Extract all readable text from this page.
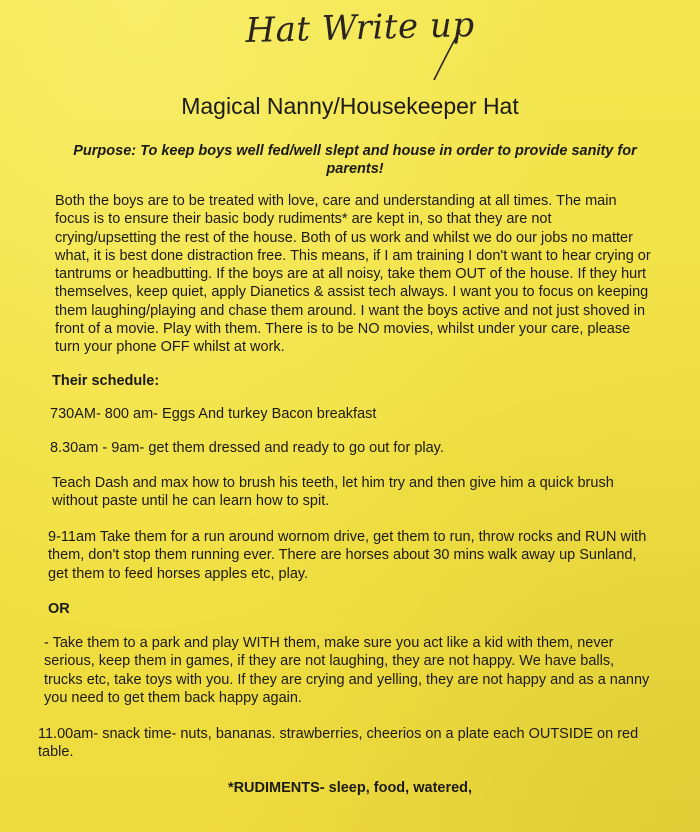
Hat Write up
Magical Nanny/Housekeeper Hat
Purpose: To keep boys well fed/well slept and house in order to provide sanity for parents!
Both the boys are to be treated with love, care and understanding at all times. The main focus is to ensure their basic body rudiments* are kept in, so that they are not crying/upsetting the rest of the house. Both of us work and whilst we do our jobs no matter what, it is best done distraction free. This means, if I am training I don't want to hear crying or tantrums or headbutting. If the boys are at all noisy, take them OUT of the house. If they hurt themselves, keep quiet, apply Dianetics & assist tech always. I want you to focus on keeping them laughing/playing and chase them around. I want the boys active and not just shoved in front of a movie. Play with them. There is to be NO movies, whilst under your care, please turn your phone OFF whilst at work.
Their schedule:
730AM- 800 am- Eggs And turkey Bacon breakfast
8.30am - 9am- get them dressed and ready to go out for play.
Teach Dash and max how to brush his teeth, let him try and then give him a quick brush without paste until he can learn how to spit.
9-11am Take them for a run around wornom drive, get them to run, throw rocks and RUN with them, don't stop them running ever. There are horses about 30 mins walk away up Sunland, get them to feed horses apples etc, play.
OR
- Take them to a park and play WITH them, make sure you act like a kid with them, never serious, keep them in games, if they are not laughing, they are not happy. We have balls, trucks etc, take toys with you. If they are crying and yelling, they are not happy and as a nanny you need to get them back happy again.
11.00am- snack time- nuts, bananas. strawberries, cheerios on a plate each OUTSIDE on red table.
*RUDIMENTS- sleep, food, watered,
